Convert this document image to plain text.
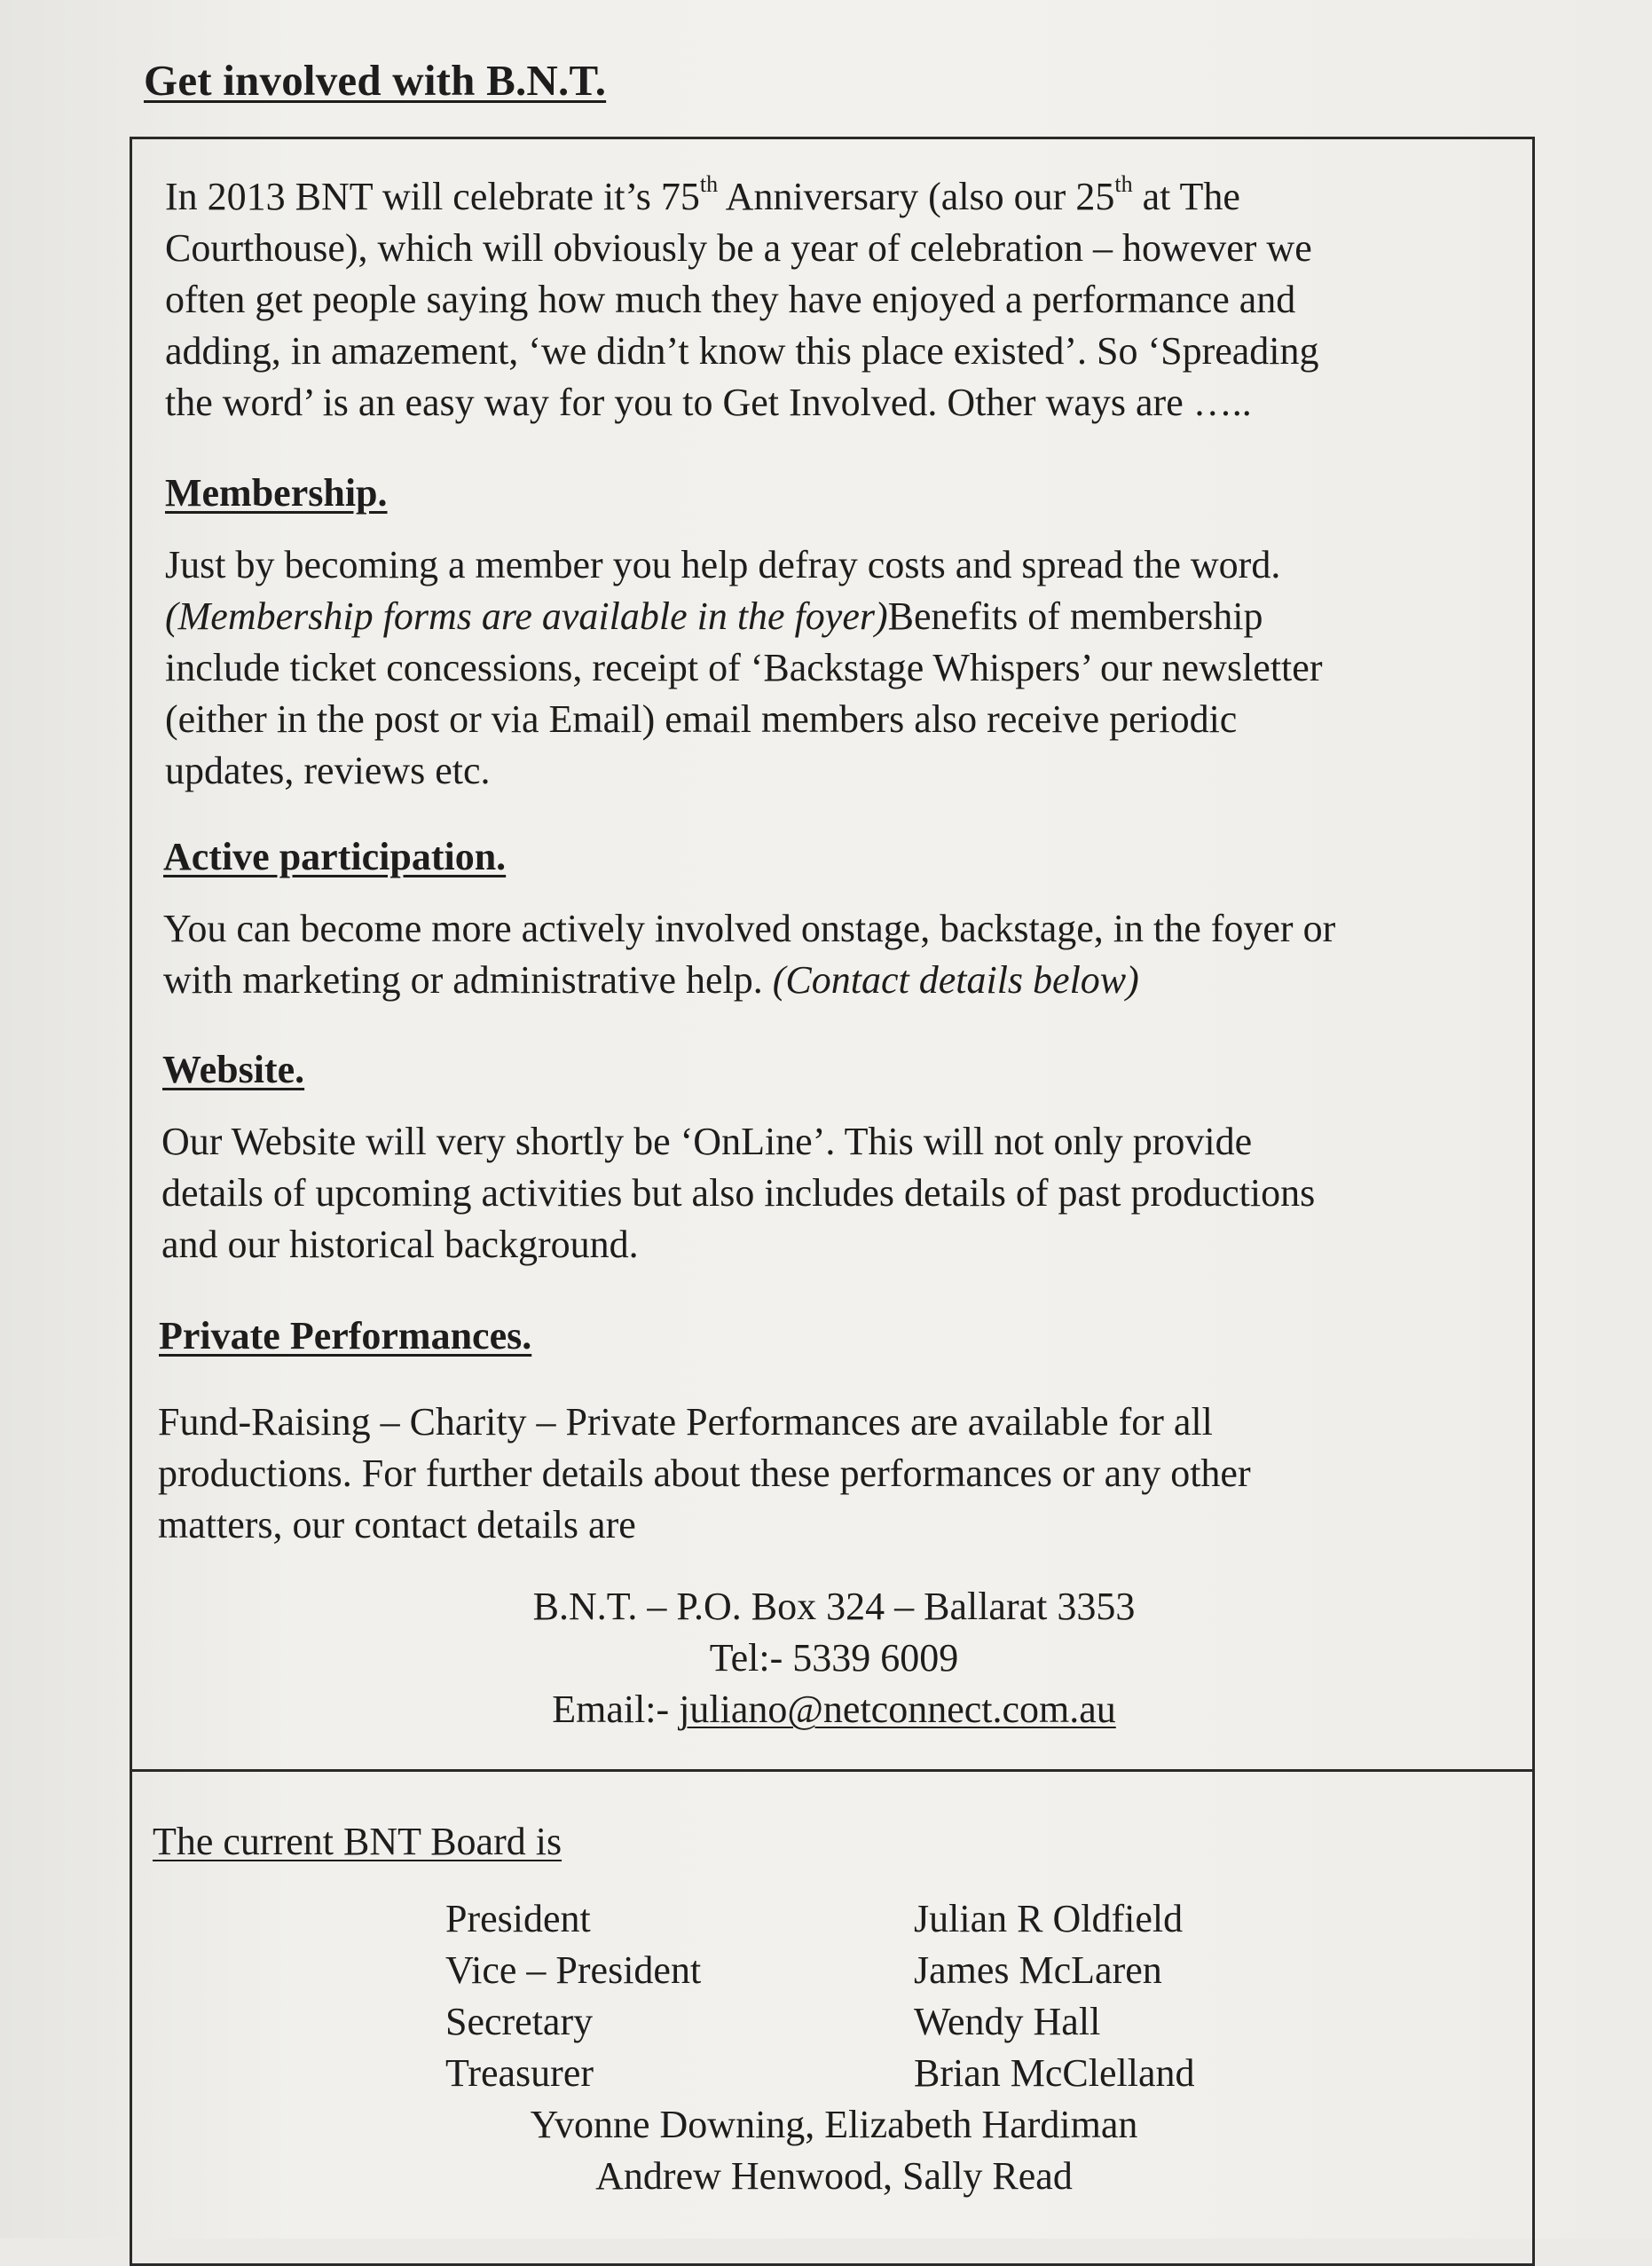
Get involved with B.N.T.

In 2013 BNT will celebrate it’s 75th Anniversary (also our 25th at The

Courthouse), which will obviously be a year of celebration – however we

often get people saying how much they have enjoyed a performance and

adding, in amazement, ‘we didn’t know this place existed’. So ‘Spreading

the word’ is an easy way for you to Get Involved. Other ways are …..

Membership.

Just by becoming a member you help defray costs and spread the word.

(Membership forms are available in the foyer)Benefits of membership

include ticket concessions, receipt of ‘Backstage Whispers’ our newsletter

(either in the post or via Email) email members also receive periodic

updates, reviews etc.

Active participation.

You can become more actively involved onstage, backstage, in the foyer or

with marketing or administrative help. (Contact details below)

Website.

Our Website will very shortly be ‘OnLine’. This will not only provide

details of upcoming activities but also includes details of past productions

and our historical background.

Private Performances.

Fund-Raising – Charity – Private Performances are available for all

productions. For further details about these performances or any other

matters, our contact details are

B.N.T. – P.O. Box 324 – Ballarat 3353

Tel:- 5339 6009

Email:- juliano@netconnect.com.au

The current BNT Board is
President	Julian R Oldfield
Vice – President	James McLaren
Secretary	Wendy Hall
Treasurer	Brian McClelland

Yvonne Downing, Elizabeth Hardiman

Andrew Henwood, Sally Read
